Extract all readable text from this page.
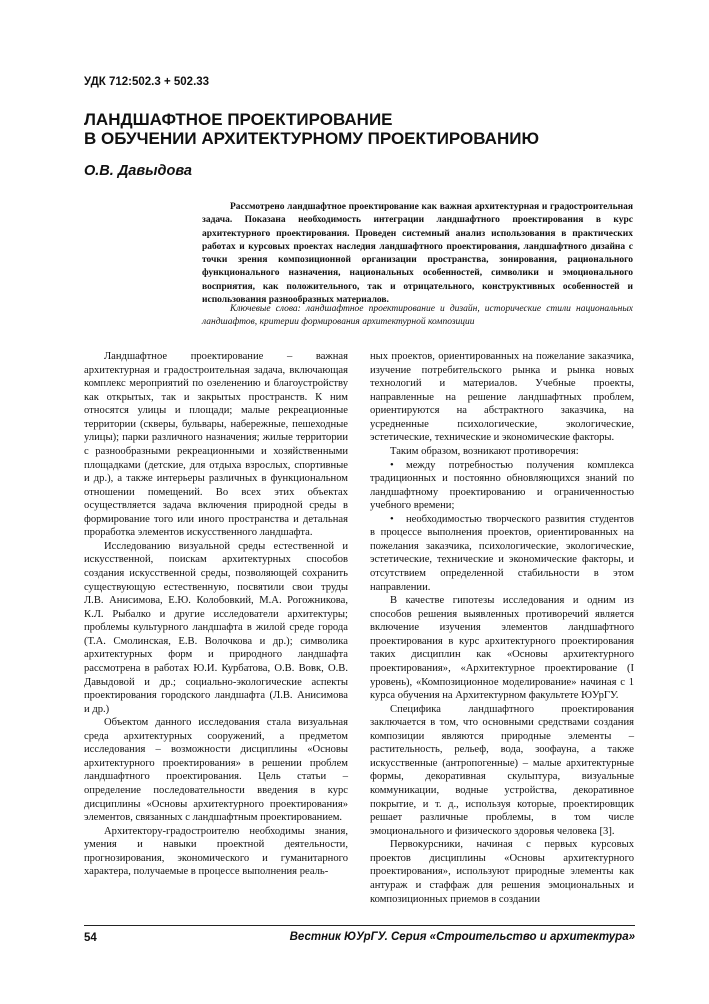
УДК 712:502.3 + 502.33
ЛАНДШАФТНОЕ ПРОЕКТИРОВАНИЕ
В ОБУЧЕНИИ АРХИТЕКТУРНОМУ ПРОЕКТИРОВАНИЮ
О.В. Давыдова

Рассмотрено ландшафтное проектирование как важная архитектурная и градостроительная задача. Показана необходимость интеграции ландшафтного проектирования в курс архитектурного проектирования. Проведен системный анализ использования в практических работах и курсовых проектах наследия ландшафтного проектирования, ландшафтного дизайна с точки зрения композиционной организации пространства, зонирования, рационального функционального назначения, национальных особенностей, символики и эмоционального восприятия, как положительного, так и отрицательного, конструктивных особенностей и использования разнообразных материалов.

Ключевые слова: ландшафтное проектирование и дизайн, исторические стили национальных ландшафтов, критерии формирования архитектурной композиции

Ландшафтное проектирование – важная архитектурная и градостроительная задача, включающая комплекс мероприятий по озеленению и благоустройству как открытых, так и закрытых пространств. К ним относятся улицы и площади; малые рекреационные территории (скверы, бульвары, набережные, пешеходные улицы); парки различного назначения; жилые территории с разнообразными рекреационными и хозяйственными площадками (детские, для отдыха взрослых, спортивные и др.), а также интерьеры различных в функциональном отношении помещений. Во всех этих объектах осуществляется задача включения природной среды в формирование того или иного пространства и детальная проработка элементов искусственного ландшафта.

Исследованию визуальной среды естественной и искусственной, поискам архитектурных способов создания искусственной среды, позволяющей сохранить существующую естественную, посвятили свои труды Л.В. Анисимова, Е.Ю. Колобовкий, М.А. Рогожникова, К.Л. Рыбалко и другие исследователи архитектуры; проблемы культурного ландшафта в жилой среде города (Т.А. Смолинская, Е.В. Волочкова и др.); символика архитектурных форм и природного ландшафта рассмотрена в работах Ю.И. Курбатова, О.В. Вовк, О.В. Давыдовой и др.; социально-экологические аспекты проектирования городского ландшафта (Л.В. Анисимова и др.)

Объектом данного исследования стала визуальная среда архитектурных сооружений, а предметом исследования – возможности дисциплины «Основы архитектурного проектирования» в решении проблем ландшафтного проектирования. Цель статьи – определение последовательности введения в курс дисциплины «Основы архитектурного проектирования» элементов, связанных с ландшафтным проектированием.

Архитектору-градостроителю необходимы знания, умения и навыки проектной деятельности, прогнозирования, экономического и гуманитарного характера, получаемые в процессе выполнения реаль-

ных проектов, ориентированных на пожелание заказчика, изучение потребительского рынка и рынка новых технологий и материалов. Учебные проекты, направленные на решение ландшафтных проблем, ориентируются на абстрактного заказчика, на усредненные психологические, экологические, эстетические, технические и экономические факторы.

Таким образом, возникают противоречия:

• между потребностью получения комплекса традиционных и постоянно обновляющихся знаний по ландшафтному проектированию и ограниченностью учебного времени;

• необходимостью творческого развития студентов в процессе выполнения проектов, ориентированных на пожелания заказчика, психологические, экологические, эстетические, технические и экономические факторы, и отсутствием определенной стабильности в этом направлении.

В качестве гипотезы исследования и одним из способов решения выявленных противоречий является включение изучения элементов ландшафтного проектирования в курс архитектурного проектирования таких дисциплин как «Основы архитектурного проектирования», «Архитектурное проектирование (I уровень), «Композиционное моделирование» начиная с 1 курса обучения на Архитектурном факультете ЮУрГУ.

Специфика ландшафтного проектирования заключается в том, что основными средствами создания композиции являются природные элементы – растительность, рельеф, вода, зоофауна, а также искусственные (антропогенные) – малые архитектурные формы, декоративная скульптура, визуальные коммуникации, водные устройства, декоративное покрытие, и т. д., используя которые, проектировщик решает различные проблемы, в том числе эмоционального и физического здоровья человека [3].

Первокурсники, начиная с первых курсовых проектов дисциплины «Основы архитектурного проектирования», используют природные элементы как антураж и стаффаж для решения эмоциональных и композиционных приемов в создании

54	Вестник ЮУрГУ. Серия «Строительство и архитектура»
